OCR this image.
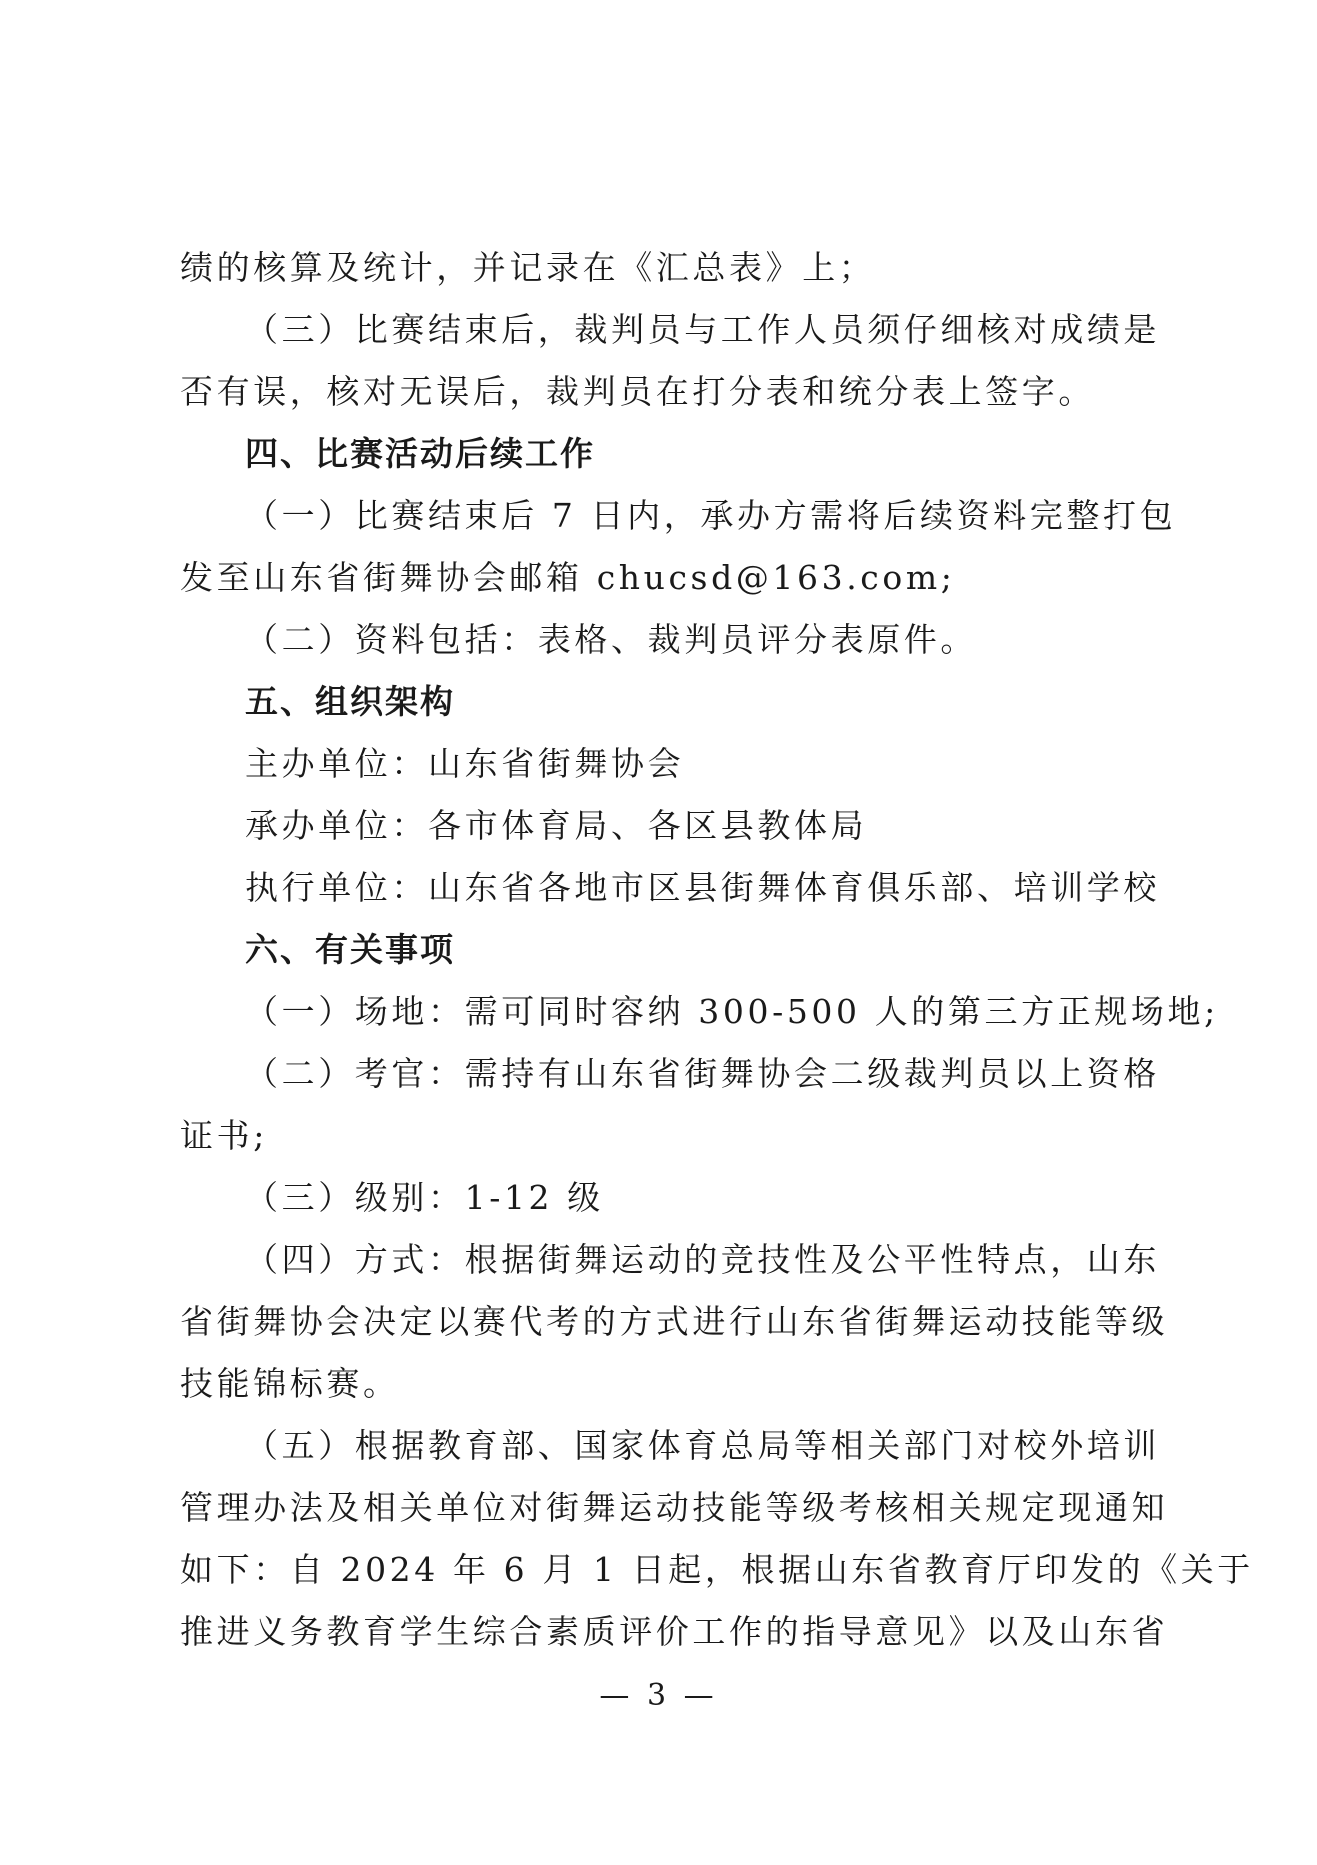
绩的核算及统计，并记录在《汇总表》上；
（三）比赛结束后，裁判员与工作人员须仔细核对成绩是
否有误，核对无误后，裁判员在打分表和统分表上签字。
四、比赛活动后续工作
（一）比赛结束后 7 日内，承办方需将后续资料完整打包
发至山东省街舞协会邮箱 chucsd@163.com;
（二）资料包括：表格、裁判员评分表原件。
五、组织架构
主办单位：山东省街舞协会
承办单位：各市体育局、各区县教体局
执行单位：山东省各地市区县街舞体育俱乐部、培训学校
六、有关事项
（一）场地：需可同时容纳 300-500 人的第三方正规场地;
（二）考官：需持有山东省街舞协会二级裁判员以上资格
证书;
（三）级别：1-12 级
（四）方式：根据街舞运动的竞技性及公平性特点，山东
省街舞协会决定以赛代考的方式进行山东省街舞运动技能等级
技能锦标赛。
（五）根据教育部、国家体育总局等相关部门对校外培训
管理办法及相关单位对街舞运动技能等级考核相关规定现通知
如下：自 2024 年 6 月 1 日起，根据山东省教育厅印发的《关于
推进义务教育学生综合素质评价工作的指导意见》以及山东省
— 3 —
